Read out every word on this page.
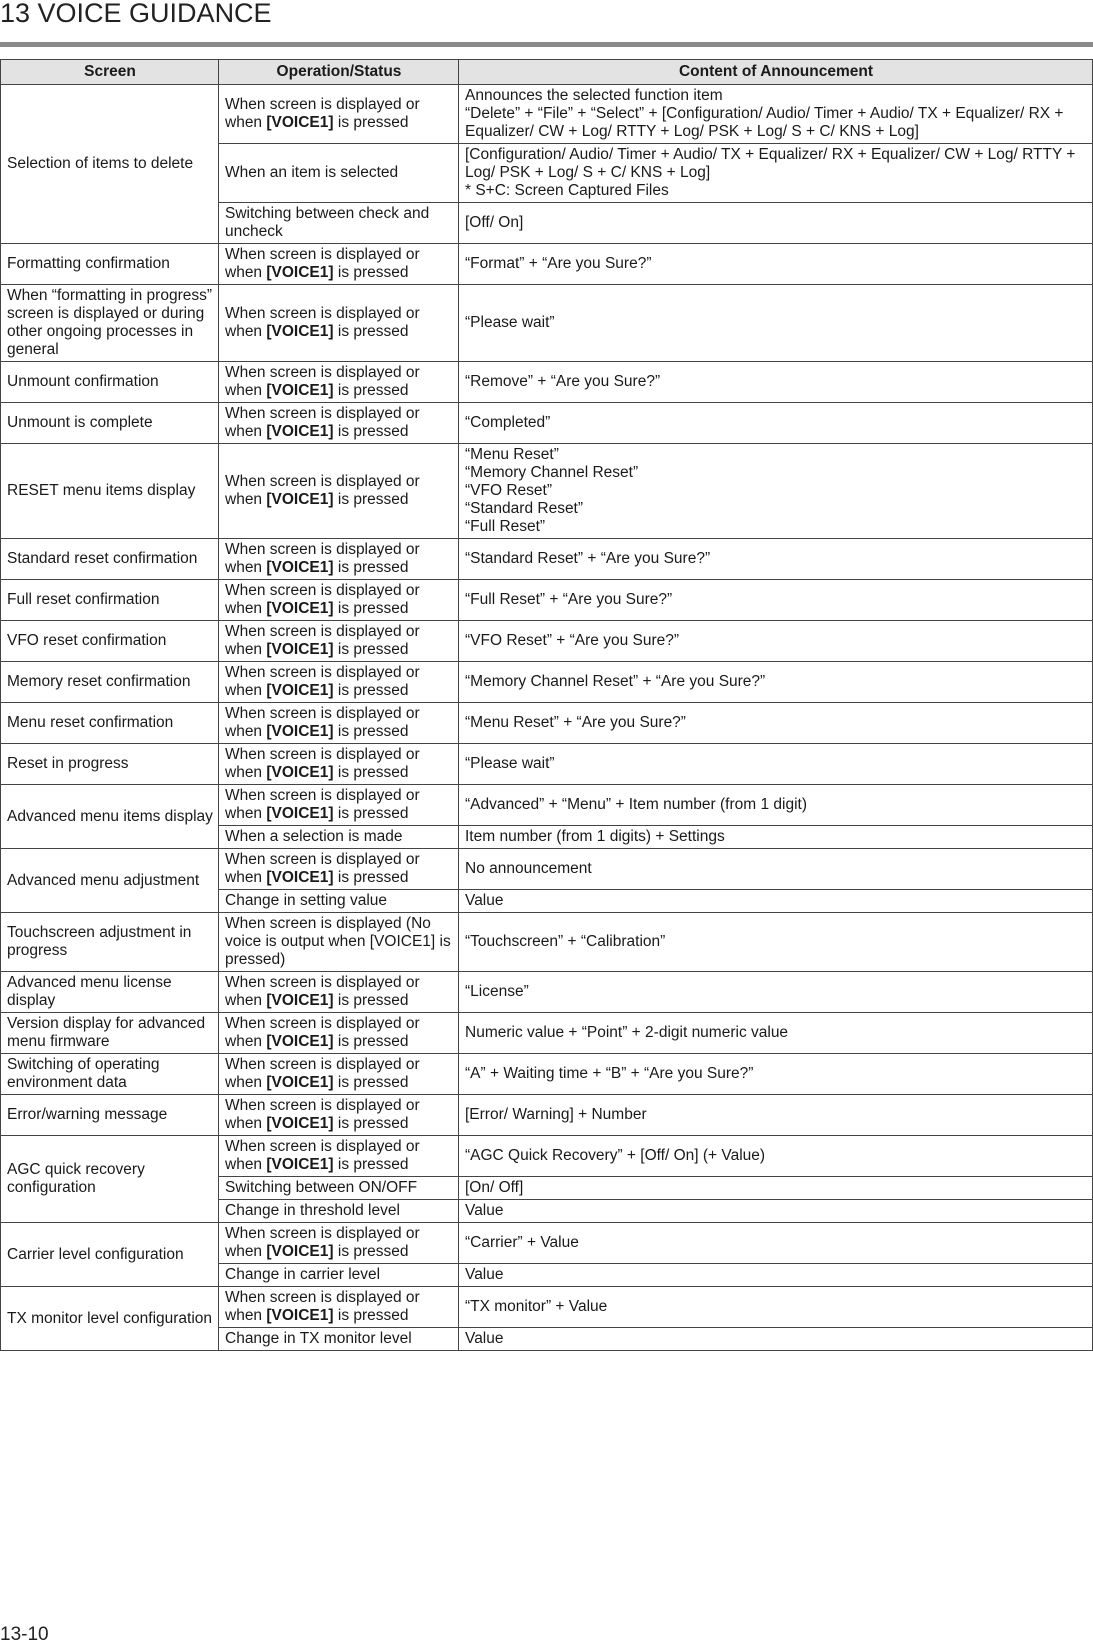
13 VOICE GUIDANCE
Screen	Operation/Status	Content of Announcement
Selection of items to delete	When screen is displayed or when [VOICE1] is pressed	Announces the selected function item
“Delete” + “File” + “Select” + [Configuration/ Audio/ Timer + Audio/ TX + Equalizer/ RX + Equalizer/ CW + Log/ RTTY + Log/ PSK + Log/ S + C/ KNS + Log]

	When an item is selected	[Configuration/ Audio/ Timer + Audio/ TX + Equalizer/ RX + Equalizer/ CW + Log/ RTTY + Log/ PSK + Log/ S + C/ KNS + Log]
* S+C: Screen Captured Files

	Switching between check and uncheck	[Off/ On]

Formatting confirmation	When screen is displayed or when [VOICE1] is pressed	“Format” + “Are you Sure?”

When “formatting in progress” screen is displayed or during other ongoing processes in general	When screen is displayed or when [VOICE1] is pressed	“Please wait”

Unmount confirmation	When screen is displayed or when [VOICE1] is pressed	“Remove” + “Are you Sure?”

Unmount is complete	When screen is displayed or when [VOICE1] is pressed	“Completed”

RESET menu items display	When screen is displayed or when [VOICE1] is pressed	“Menu Reset”
“Memory Channel Reset”
“VFO Reset”
“Standard Reset”
“Full Reset”

Standard reset confirmation	When screen is displayed or when [VOICE1] is pressed	“Standard Reset” + “Are you Sure?”

Full reset confirmation	When screen is displayed or when [VOICE1] is pressed	“Full Reset” + “Are you Sure?”

VFO reset confirmation	When screen is displayed or when [VOICE1] is pressed	“VFO Reset” + “Are you Sure?”

Memory reset confirmation	When screen is displayed or when [VOICE1] is pressed	“Memory Channel Reset” + “Are you Sure?”

Menu reset confirmation	When screen is displayed or when [VOICE1] is pressed	“Menu Reset” + “Are you Sure?”

Reset in progress	When screen is displayed or when [VOICE1] is pressed	“Please wait”

Advanced menu items display	When screen is displayed or when [VOICE1] is pressed	“Advanced” + “Menu” + Item number (from 1 digit)

	When a selection is made	Item number (from 1 digits) + Settings

Advanced menu adjustment	When screen is displayed or when [VOICE1] is pressed	No announcement

	Change in setting value	Value

Touchscreen adjustment in progress	When screen is displayed (No voice is output when [VOICE1] is pressed)	“Touchscreen” + “Calibration”

Advanced menu license display	When screen is displayed or when [VOICE1] is pressed	“License”

Version display for advanced menu firmware	When screen is displayed or when [VOICE1] is pressed	Numeric value + “Point” + 2-digit numeric value

Switching of operating environment data	When screen is displayed or when [VOICE1] is pressed	“A” + Waiting time + “B” + “Are you Sure?”

Error/warning message	When screen is displayed or when [VOICE1] is pressed	[Error/ Warning] + Number

AGC quick recovery configuration	When screen is displayed or when [VOICE1] is pressed	“AGC Quick Recovery” + [Off/ On] (+ Value)

	Switching between ON/OFF	[On/ Off]

	Change in threshold level	Value

Carrier level configuration	When screen is displayed or when [VOICE1] is pressed	“Carrier” + Value

	Change in carrier level	Value

TX monitor level configuration	When screen is displayed or when [VOICE1] is pressed	“TX monitor” + Value

	Change in TX monitor level	Value
13-10
